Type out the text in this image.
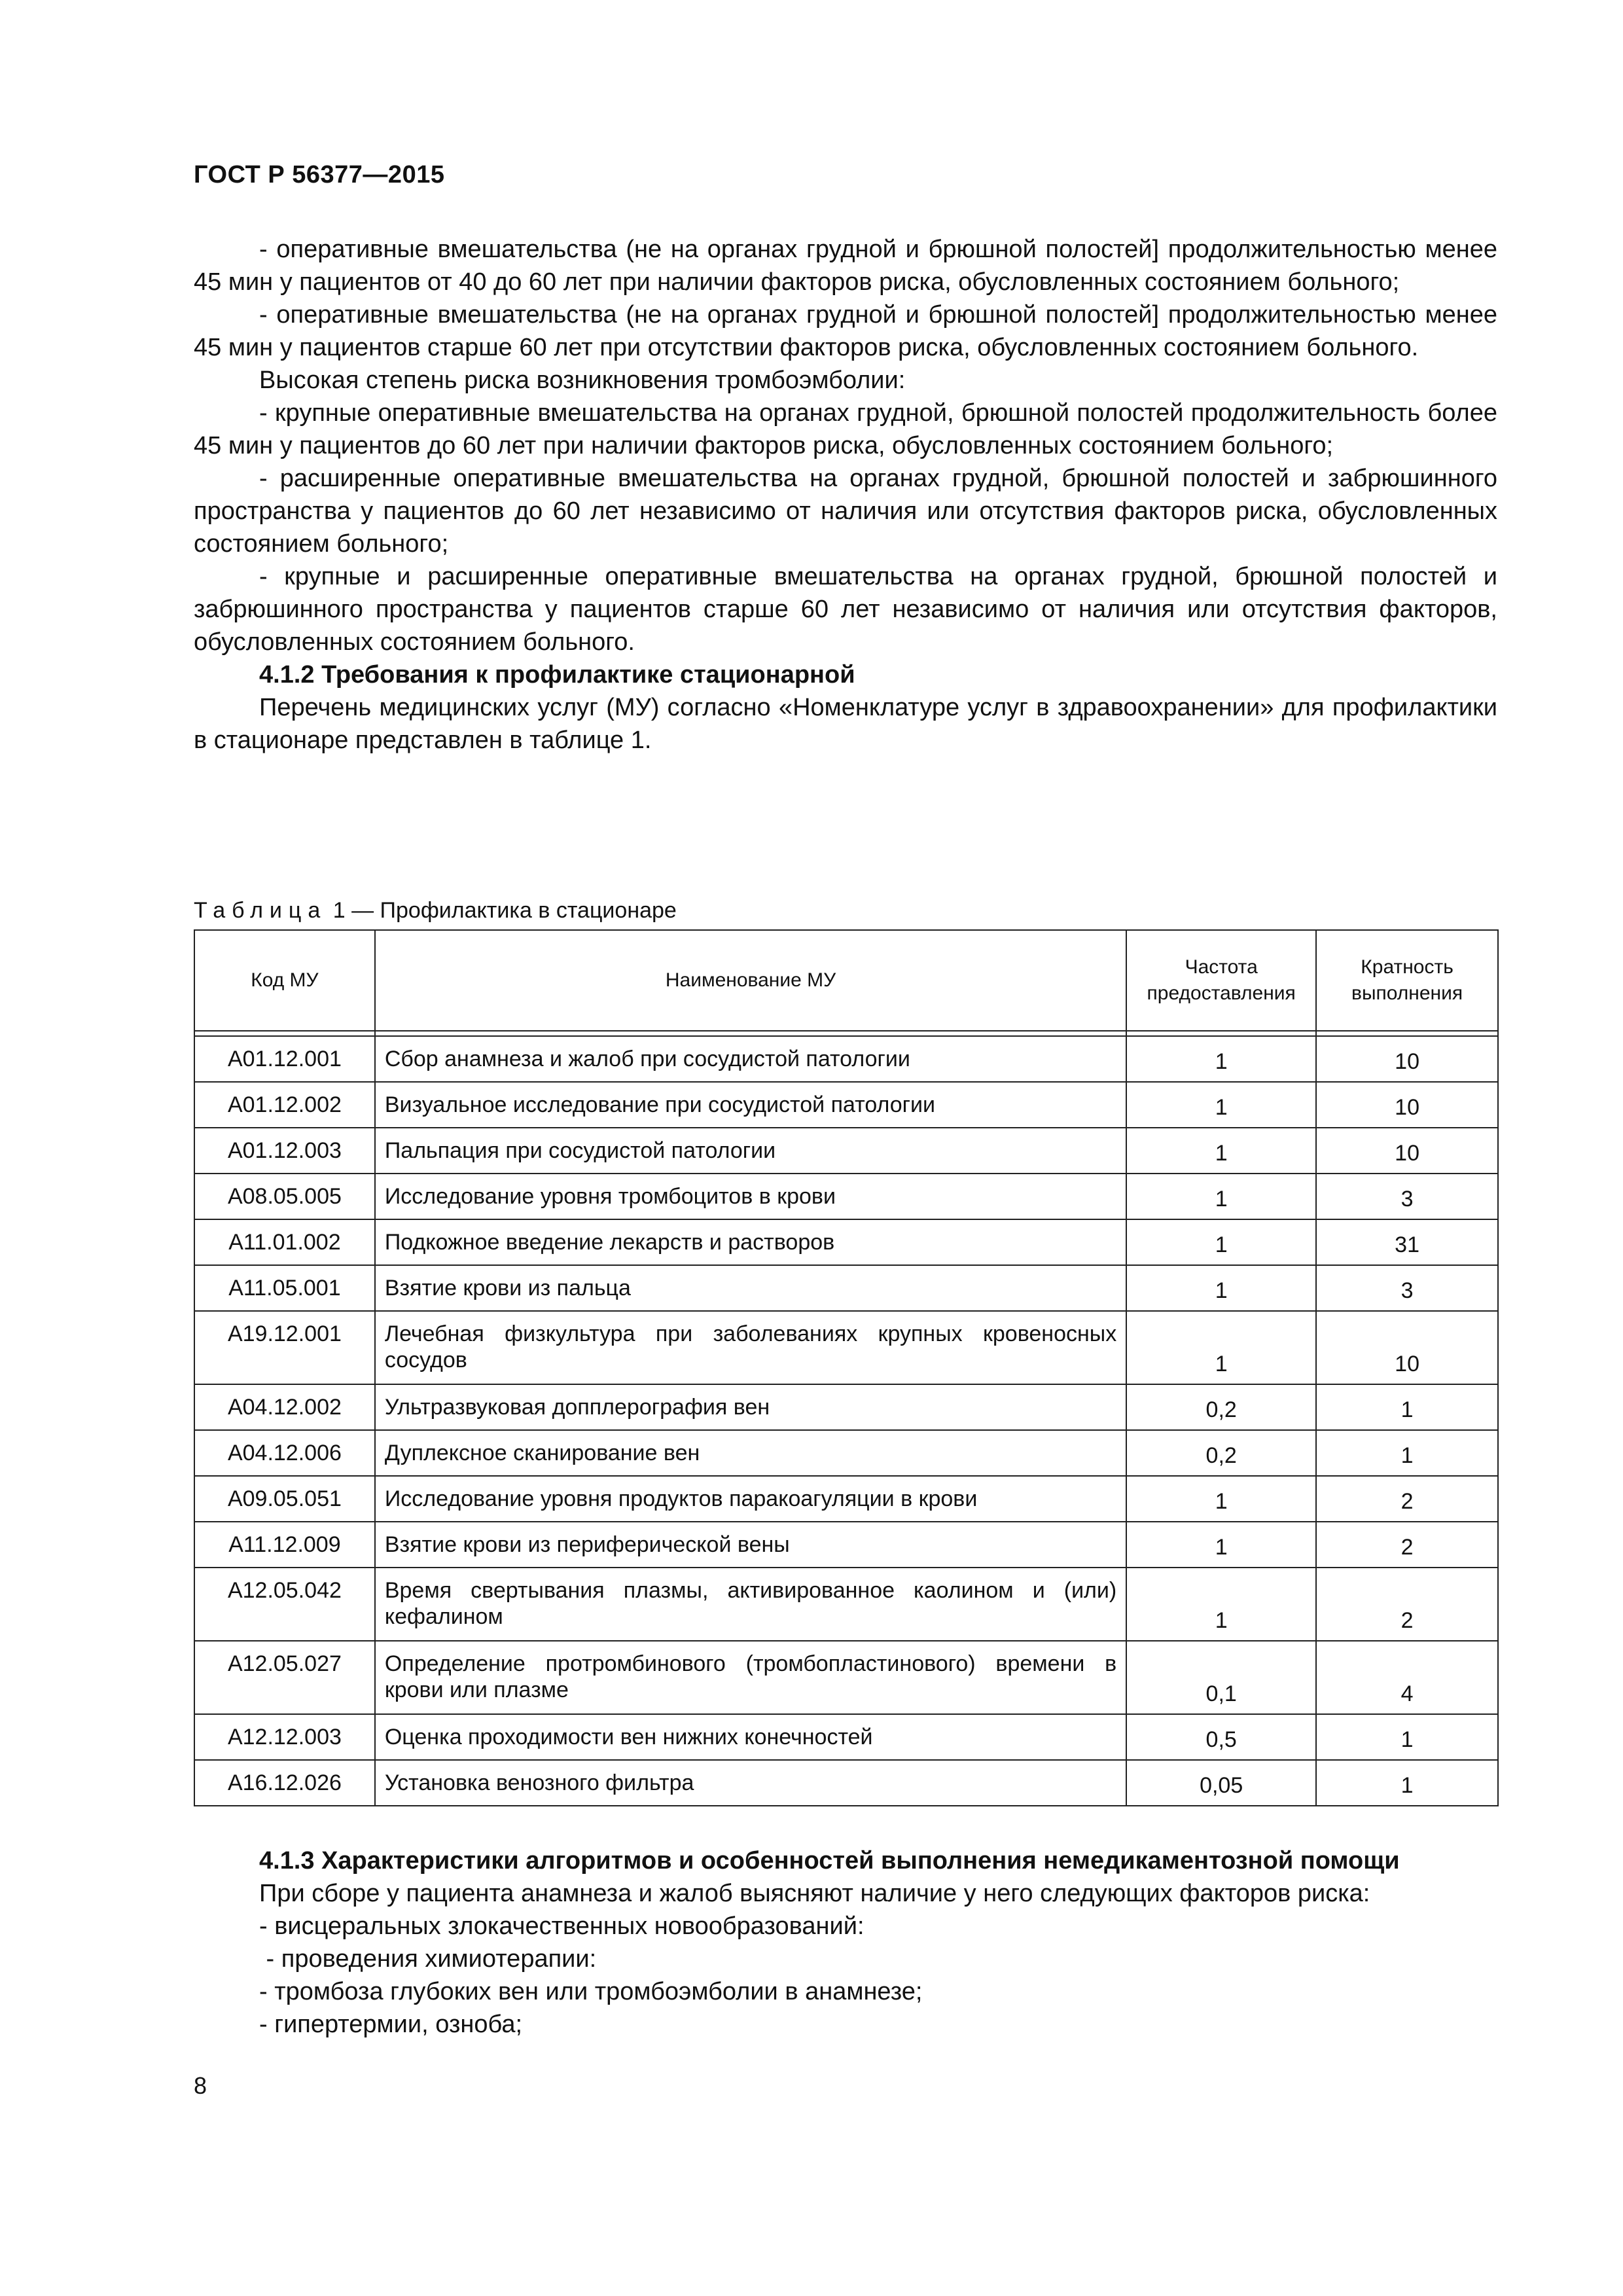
ГОСТ Р 56377—2015

- оперативные вмешательства (не на органах грудной и брюшной полостей] продолжительностью менее 45 мин у пациентов от 40 до 60 лет при наличии факторов риска, обусловленных состоянием больного;

- оперативные вмешательства (не на органах грудной и брюшной полостей] продолжительностью менее 45 мин у пациентов старше 60 лет при отсутствии факторов риска, обусловленных состоянием больного.

Высокая степень риска возникновения тромбоэмболии:

- крупные оперативные вмешательства на органах грудной, брюшной полостей продолжительность более 45 мин у пациентов до 60 лет при наличии факторов риска, обусловленных состоянием больного;

- расширенные оперативные вмешательства на органах грудной, брюшной полостей и забрюшинного пространства у пациентов до 60 лет независимо от наличия или отсутствия факторов риска, обусловленных состоянием больного;

- крупные и расширенные оперативные вмешательства на органах грудной, брюшной полостей и забрюшинного пространства у пациентов старше 60 лет независимо от наличия или отсутствия факторов, обусловленных состоянием больного.

4.1.2 Требования к профилактике стационарной

Перечень медицинских услуг (МУ) согласно «Номенклатуре услуг в здравоохранении» для профилактики в стационаре представлен в таблице 1.

Таблица 1 — Профилактика в стационаре
Код МУ	Наименование МУ	Частота предоставления	Кратность выполнения

A01.12.001	Сбор анамнеза и жалоб при сосудистой патологии	1	10
A01.12.002	Визуальное исследование при сосудистой патологии	1	10
A01.12.003	Пальпация при сосудистой патологии	1	10
A08.05.005	Исследование уровня тромбоцитов в крови	1	3
A11.01.002	Подкожное введение лекарств и растворов	1	31
A11.05.001	Взятие крови из пальца	1	3
A19.12.001	Лечебная физкультура при заболеваниях крупных кровеносных сосудов	1	10
A04.12.002	Ультразвуковая допплерография вен	0,2	1
A04.12.006	Дуплексное сканирование вен	0,2	1
A09.05.051	Исследование уровня продуктов паракоагуляции в крови	1	2
A11.12.009	Взятие крови из периферической вены	1	2
A12.05.042	Время свертывания плазмы, активированное каолином и (или) кефалином	1	2
A12.05.027	Определение протромбинового (тромбопластинового) времени в крови или плазме	0,1	4
A12.12.003	Оценка проходимости вен нижних конечностей	0,5	1
A16.12.026	Установка венозного фильтра	0,05	1
4.1.3 Характеристики алгоритмов и особенностей выполнения немедикаментозной помощи

При сборе у пациента анамнеза и жалоб выясняют наличие у него следующих факторов риска:

- висцеральных злокачественных новообразований:

- проведения химиотерапии:

- тромбоза глубоких вен или тромбоэмболии в анамнезе;

- гипертермии, озноба;

8
